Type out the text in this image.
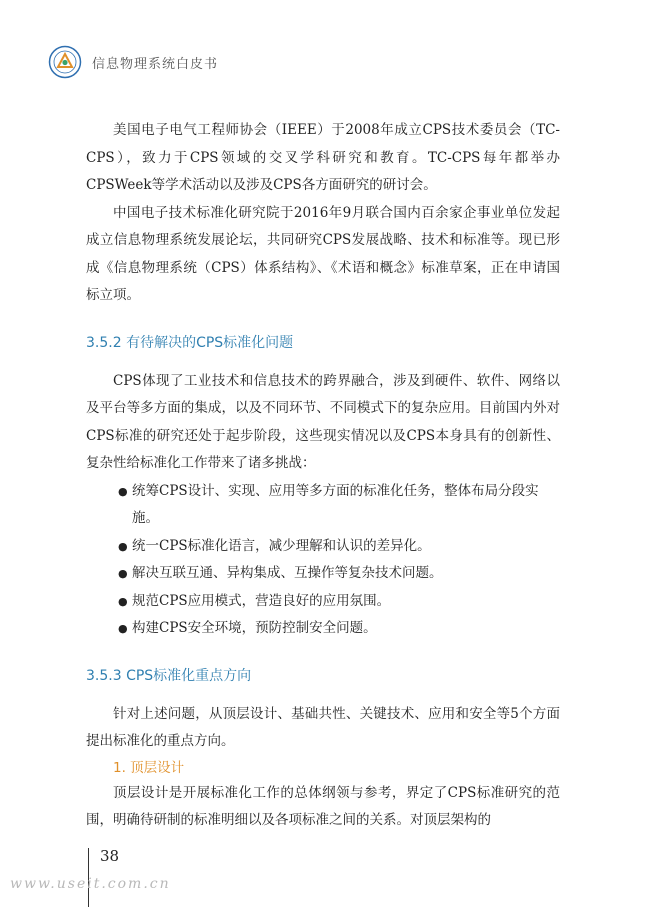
信息物理系统白皮书

美国电子电气工程师协会（IEEE）于2008年成立CPS技术委员会（TC-CPS），致力于CPS领域的交叉学科研究和教育。TC-CPS每年都举办CPSWeek等学术活动以及涉及CPS各方面研究的研讨会。

中国电子技术标准化研究院于2016年9月联合国内百余家企事业单位发起成立信息物理系统发展论坛，共同研究CPS发展战略、技术和标准等。现已形成《信息物理系统（CPS）体系结构》、《术语和概念》标准草案，正在申请国标立项。

3.5.2 有待解决的CPS标准化问题

CPS体现了工业技术和信息技术的跨界融合，涉及到硬件、软件、网络以及平台等多方面的集成，以及不同环节、不同模式下的复杂应用。目前国内外对CPS标准的研究还处于起步阶段，这些现实情况以及CPS本身具有的创新性、复杂性给标准化工作带来了诸多挑战：

● 统筹CPS设计、实现、应用等多方面的标准化任务，整体布局分段实施。
● 统一CPS标准化语言，减少理解和认识的差异化。
● 解决互联互通、异构集成、互操作等复杂技术问题。
● 规范CPS应用模式，营造良好的应用氛围。
● 构建CPS安全环境，预防控制安全问题。
3.5.3 CPS标准化重点方向

针对上述问题，从顶层设计、基础共性、关键技术、应用和安全等5个方面提出标准化的重点方向。

1. 顶层设计

顶层设计是开展标准化工作的总体纲领与参考，界定了CPS标准研究的范围，明确待研制的标准明细以及各项标准之间的关系。对顶层架构的

38
www.useit.com.cn
